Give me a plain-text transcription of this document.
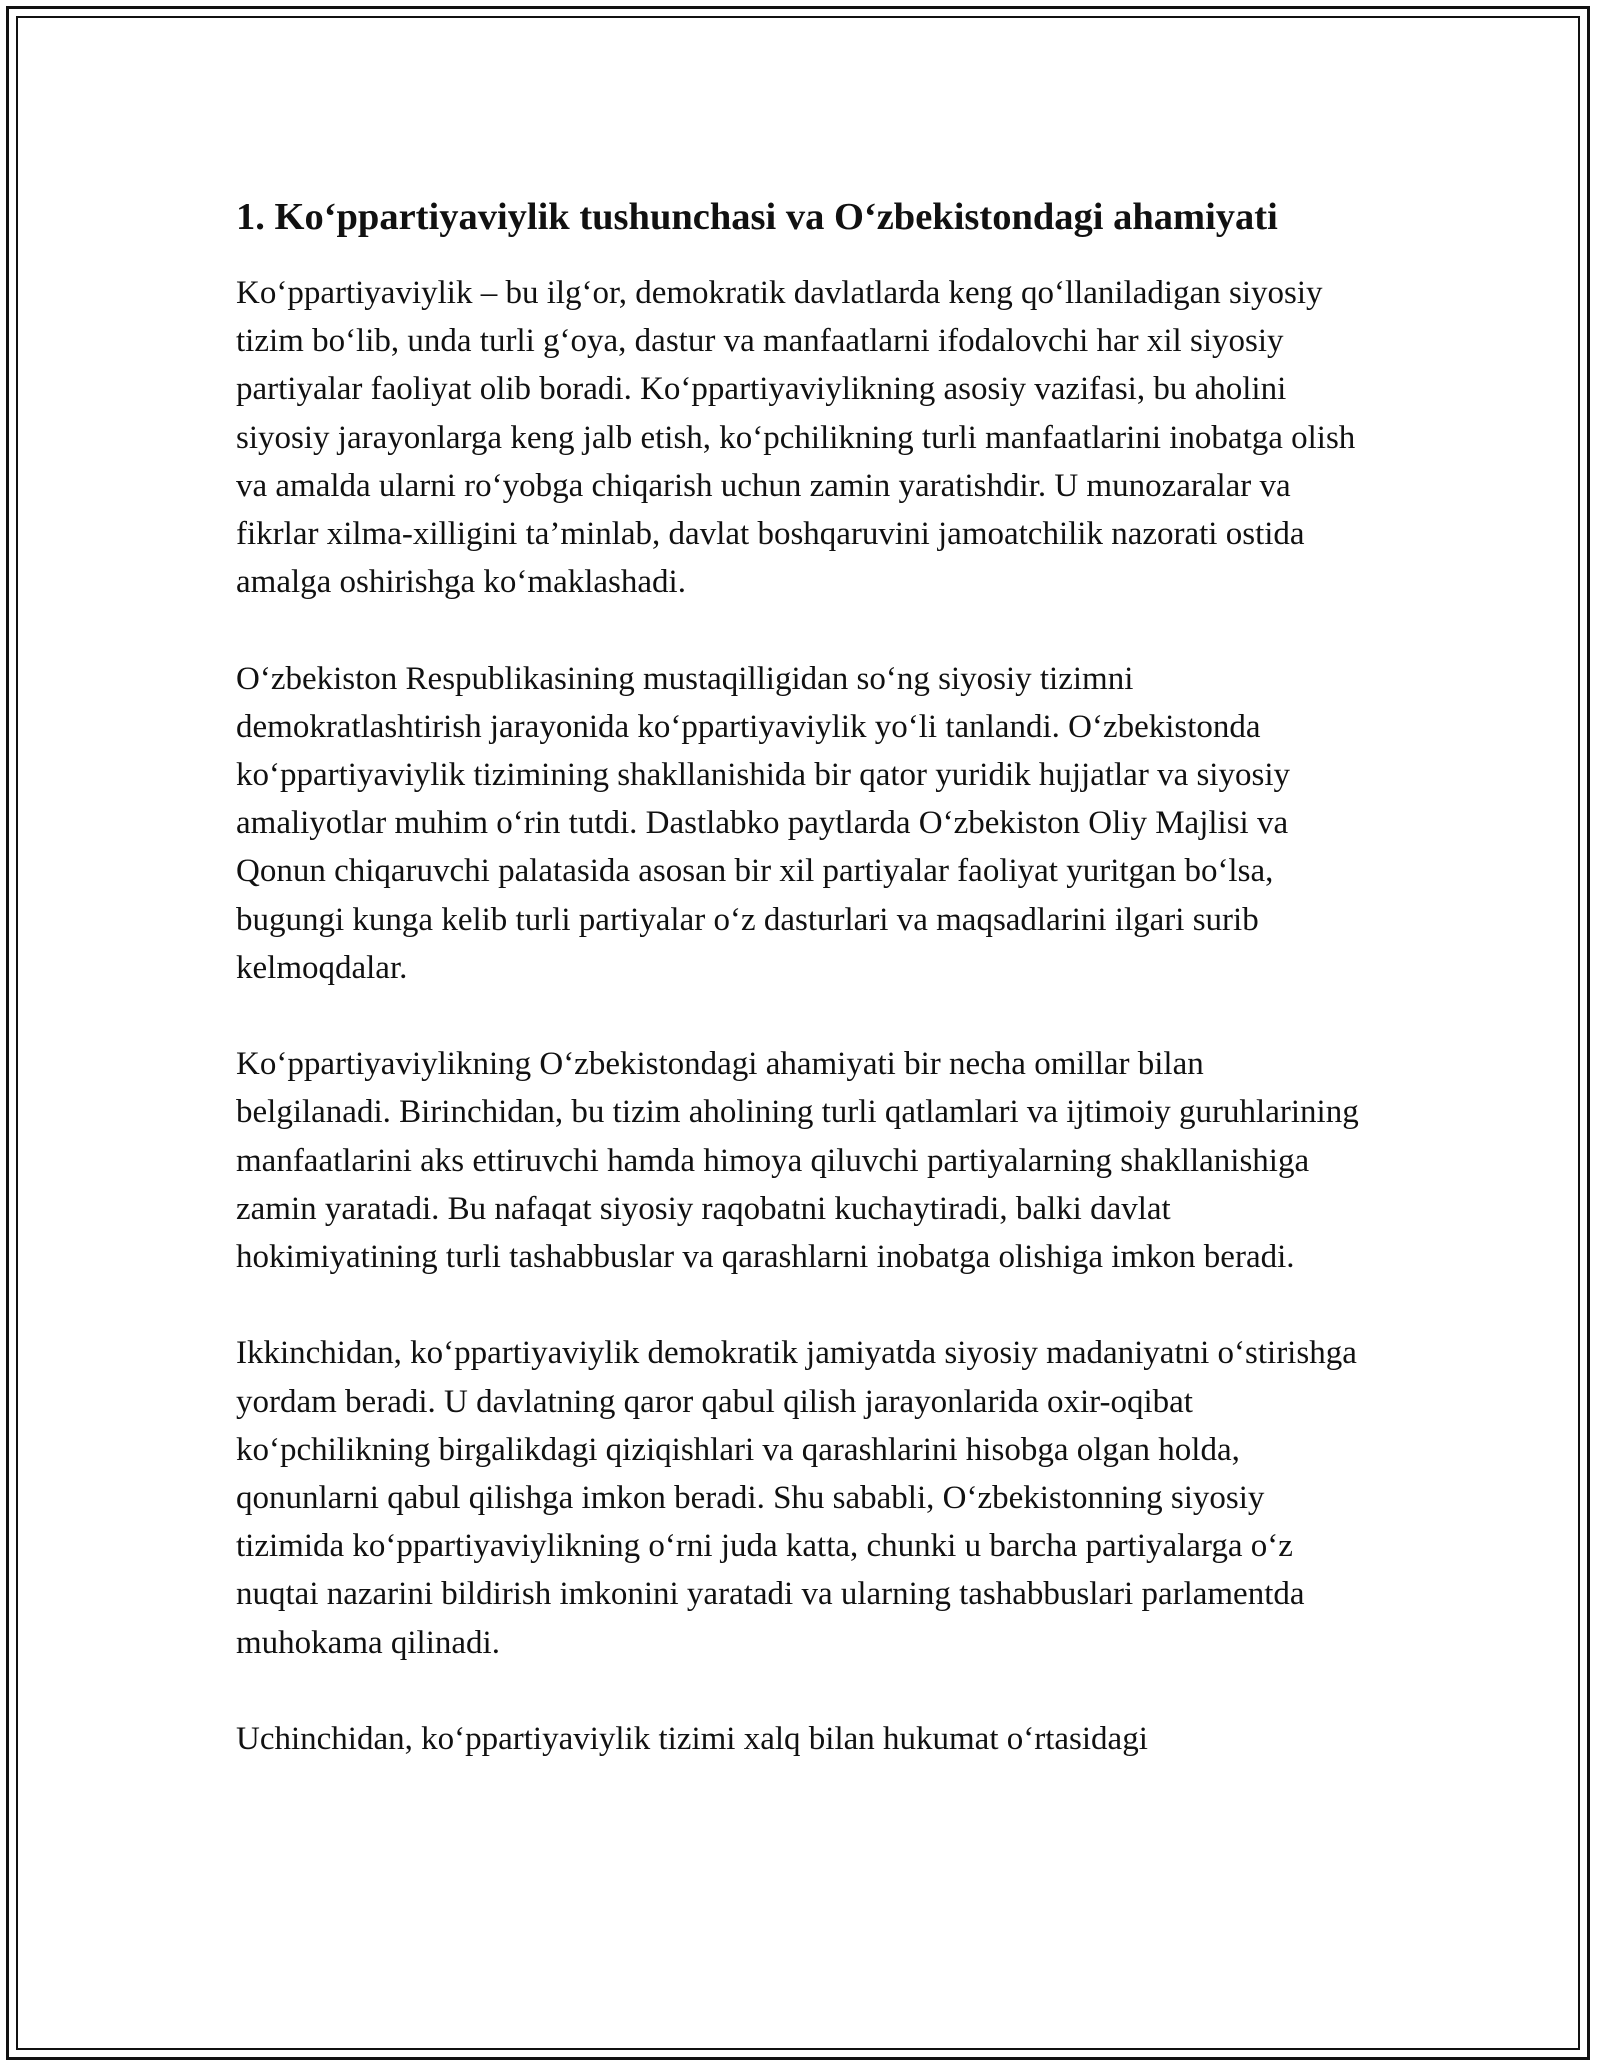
1. Ko‘ppartiyaviylik tushunchasi va O‘zbekistondagi ahamiyati

Ko‘ppartiyaviylik – bu ilg‘or, demokratik davlatlarda keng qo‘llaniladigan siyosiy tizim bo‘lib, unda turli g‘oya, dastur va manfaatlarni ifodalovchi har xil siyosiy partiyalar faoliyat olib boradi. Ko‘ppartiyaviylikning asosiy vazifasi, bu aholini siyosiy jarayonlarga keng jalb etish, ko‘pchilikning turli manfaatlarini inobatga olish va amalda ularni ro‘yobga chiqarish uchun zamin yaratishdir. U munozaralar va fikrlar xilma-xilligini ta’minlab, davlat boshqaruvini jamoatchilik nazorati ostida amalga oshirishga ko‘maklashadi.

O‘zbekiston Respublikasining mustaqilligidan so‘ng siyosiy tizimni demokratlashtirish jarayonida ko‘ppartiyaviylik yo‘li tanlandi. O‘zbekistonda ko‘ppartiyaviylik tizimining shakllanishida bir qator yuridik hujjatlar va siyosiy amaliyotlar muhim o‘rin tutdi. Dastlabko paytlarda O‘zbekiston Oliy Majlisi va Qonun chiqaruvchi palatasida asosan bir xil partiyalar faoliyat yuritgan bo‘lsa, bugungi kunga kelib turli partiyalar o‘z dasturlari va maqsadlarini ilgari surib kelmoqdalar.

Ko‘ppartiyaviylikning O‘zbekistondagi ahamiyati bir necha omillar bilan belgilanadi. Birinchidan, bu tizim aholining turli qatlamlari va ijtimoiy guruhlarining manfaatlarini aks ettiruvchi hamda himoya qiluvchi partiyalarning shakllanishiga zamin yaratadi. Bu nafaqat siyosiy raqobatni kuchaytiradi, balki davlat hokimiyatining turli tashabbuslar va qarashlarni inobatga olishiga imkon beradi.

Ikkinchidan, ko‘ppartiyaviylik demokratik jamiyatda siyosiy madaniyatni o‘stirishga yordam beradi. U davlatning qaror qabul qilish jarayonlarida oxir-oqibat ko‘pchilikning birgalikdagi qiziqishlari va qarashlarini hisobga olgan holda, qonunlarni qabul qilishga imkon beradi. Shu sababli, O‘zbekistonning siyosiy tizimida ko‘ppartiyaviylikning o‘rni juda katta, chunki u barcha partiyalarga o‘z nuqtai nazarini bildirish imkonini yaratadi va ularning tashabbuslari parlamentda muhokama qilinadi.

Uchinchidan, ko‘ppartiyaviylik tizimi xalq bilan hukumat o‘rtasidagi
